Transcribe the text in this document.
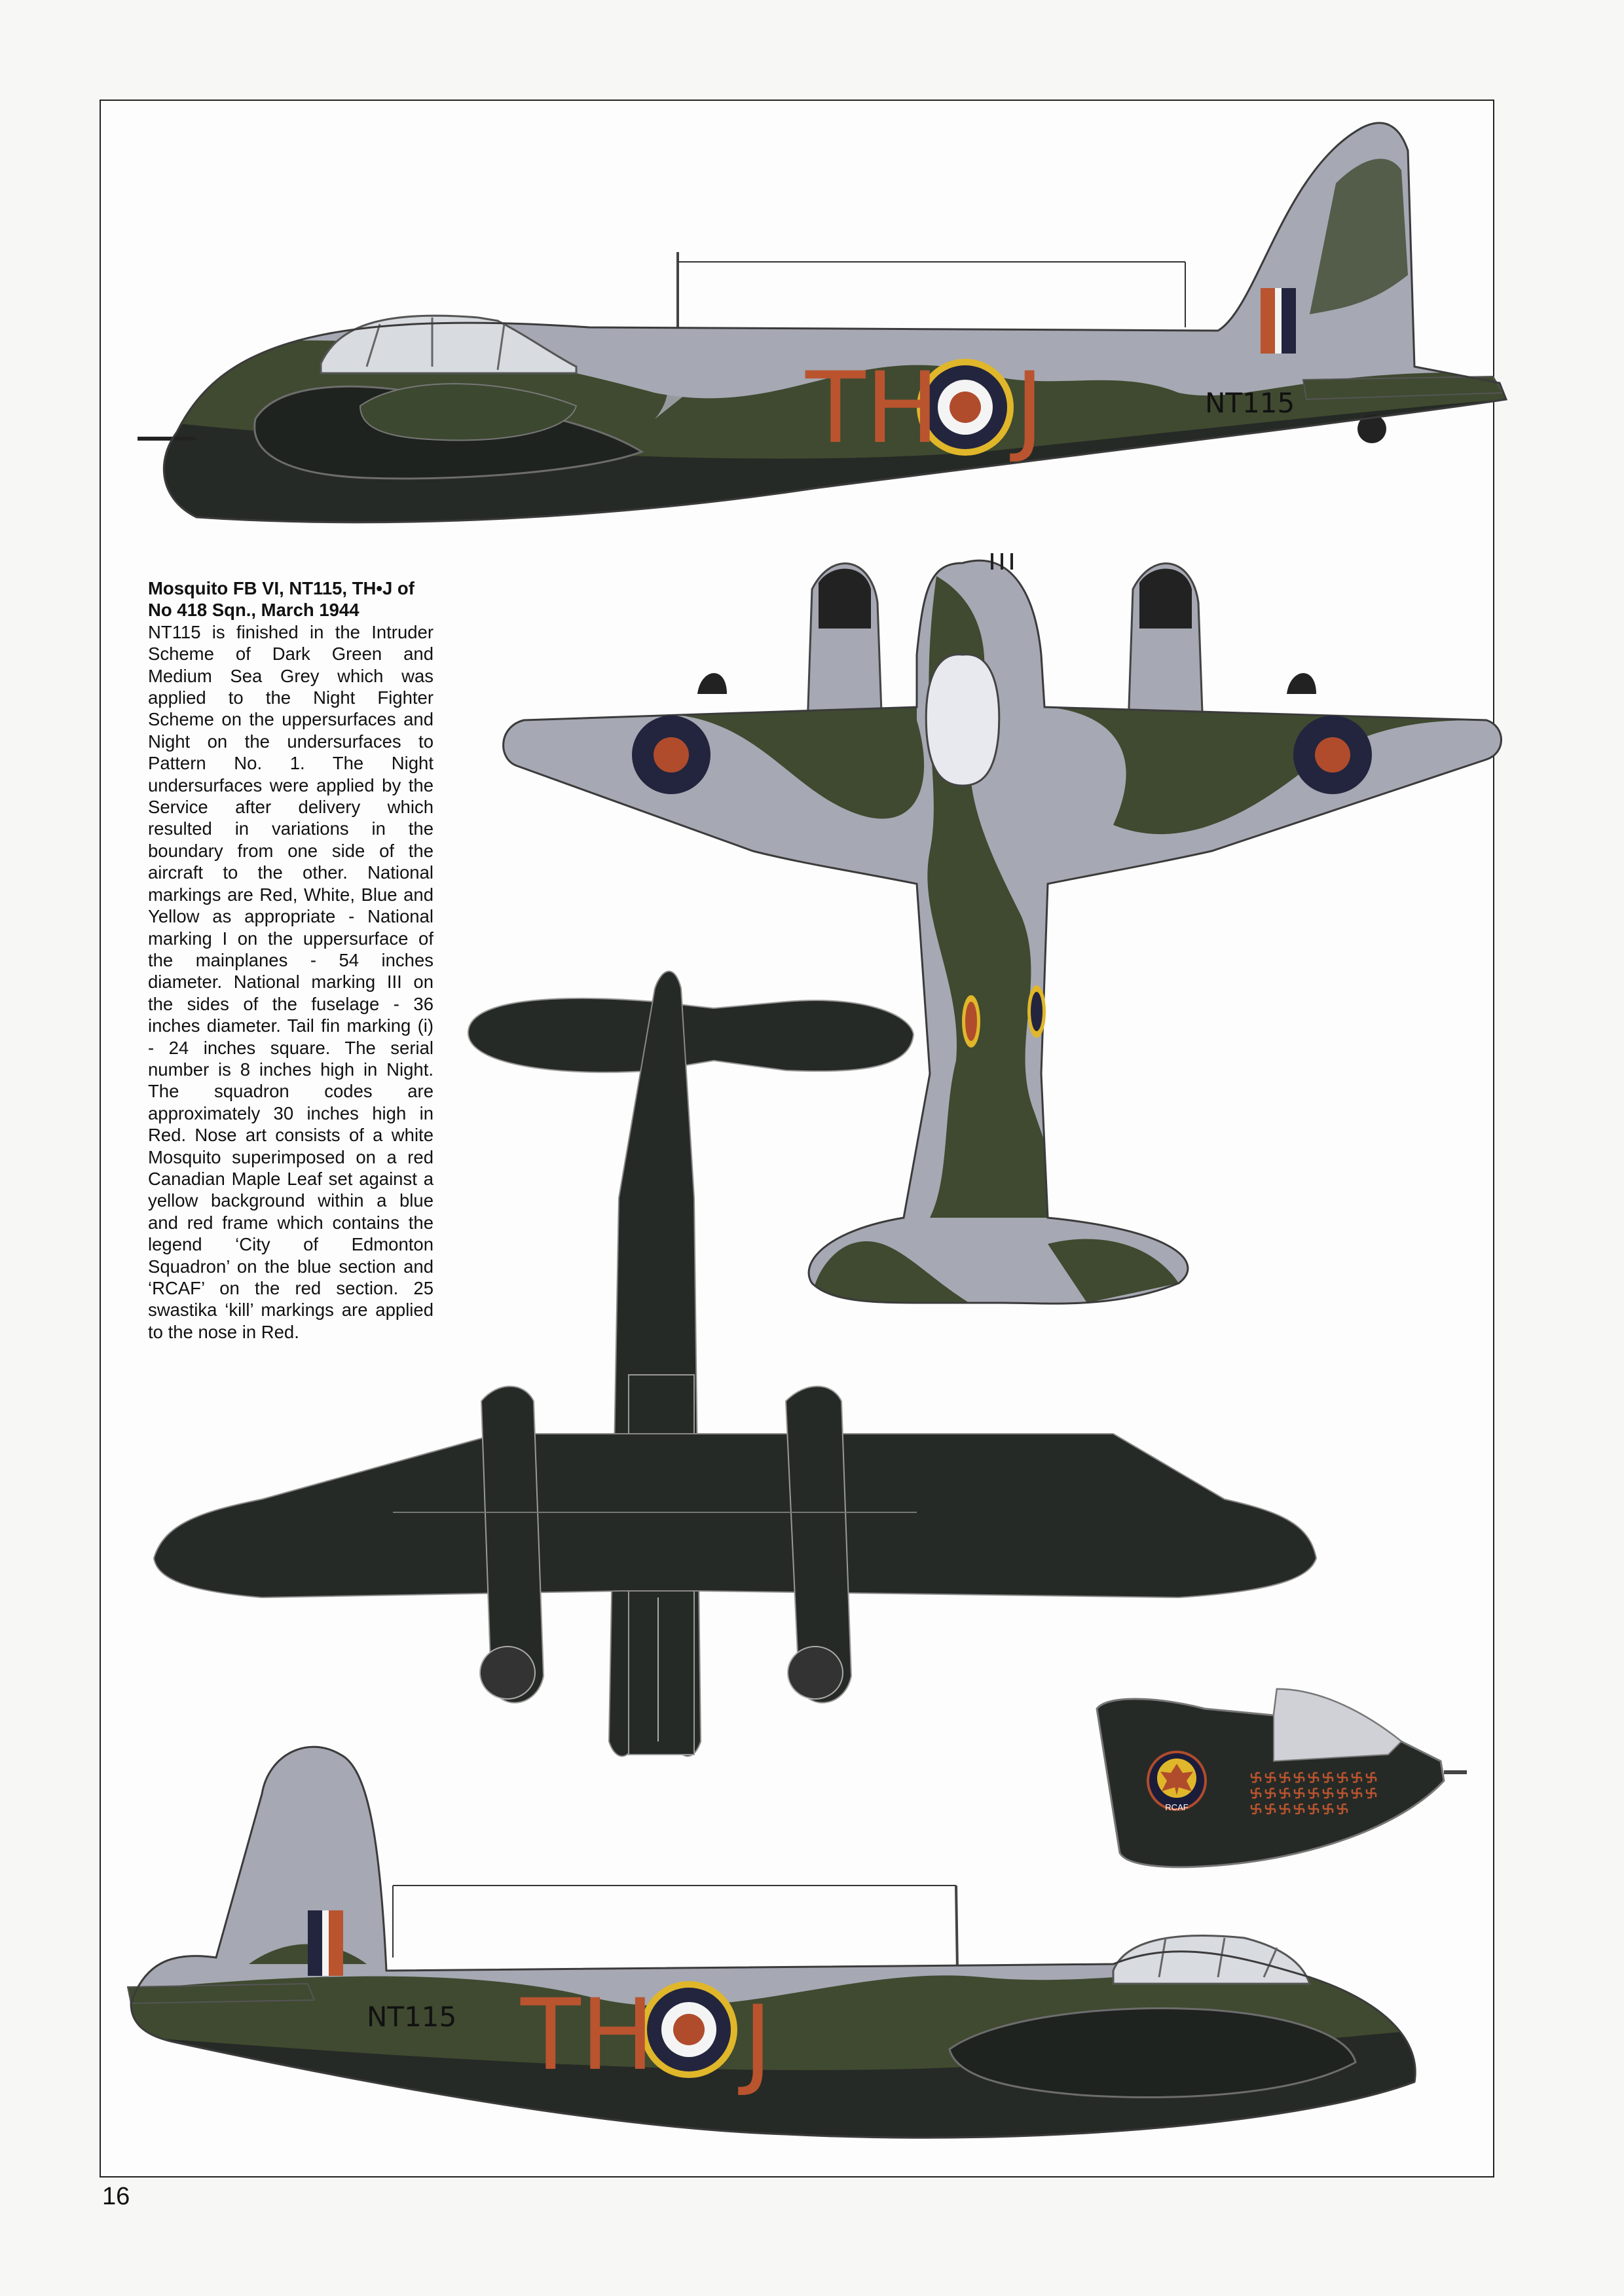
TH J	NT115
RCAF
TH J
NT115
Mosquito FB VI, NT115, TH•J of No 418 Sqn., March 1944
NT115 is finished in the Intruder Scheme of Dark Green and Medium Sea Grey which was applied to the Night Fighter Scheme on the uppersurfaces and Night on the undersurfaces to Pattern No. 1. The Night undersurfaces were applied by the Service after delivery which resulted in variations in the boundary from one side of the aircraft to the other. National markings are Red, White, Blue and Yellow as appropriate - National marking I on the uppersurface of the mainplanes - 54 inches diameter. National marking III on the sides of the fuselage - 36 inches diameter. Tail fin marking (i) - 24 inches square. The serial number is 8 inches high in Night. The squadron codes are approximately 30 inches high in Red. Nose art consists of a white Mosquito superimposed on a red Canadian Maple Leaf set against a yellow background within a blue and red frame which contains the legend ‘City of Edmonton Squadron’ on the blue section and ‘RCAF’ on the red section. 25 swastika ‘kill’ markings are applied to the nose in Red.
16
